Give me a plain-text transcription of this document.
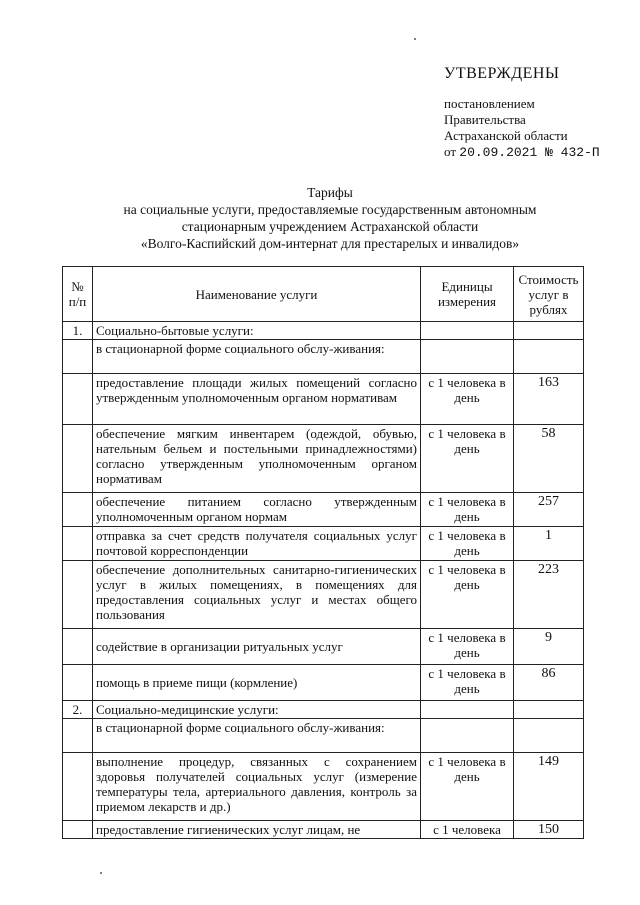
УТВЕРЖДЕНЫ
постановлением
Правительства
Астраханской области
от 20.09.2021 № 432-П
Тарифы
на социальные услуги, предоставляемые государственным автономным
стационарным учреждением Астраханской области
«Волго-Каспийский дом-интернат для престарелых и инвалидов»
№ п/п	Наименование услуги	Единицы измерения	Стоимость услуг в рублях
1.	Социально-бытовые услуги:		
	в стационарной форме социального обслу-живания:		
	предоставление площади жилых помещений согласно утвержденным уполномоченным органом нормативам	с 1 человека в день	163
	обеспечение мягким инвентарем (одеждой, обувью, нательным бельем и постельными принадлежностями) согласно утвержденным уполномоченным органом нормативам	с 1 человека в день	58
	обеспечение питанием согласно утвержденным уполномоченным органом нормам	с 1 человека в день	257
	отправка за счет средств получателя социальных услуг почтовой корреспонденции	с 1 человека в день	1
	обеспечение дополнительных санитарно-гигиенических услуг в жилых помещениях, в помещениях для предоставления социальных услуг и местах общего пользования	с 1 человека в день	223
	содействие в организации ритуальных услуг	с 1 человека в день	9
	помощь в приеме пищи (кормление)	с 1 человека в день	86
2.	Социально-медицинские услуги:		
	в стационарной форме социального обслу-живания:		
	выполнение процедур, связанных с сохранением здоровья получателей социальных услуг (измерение температуры тела, артериального давления, контроль за приемом лекарств и др.)	с 1 человека в день	149
	предоставление гигиенических услуг лицам, не	с 1 человека	150
